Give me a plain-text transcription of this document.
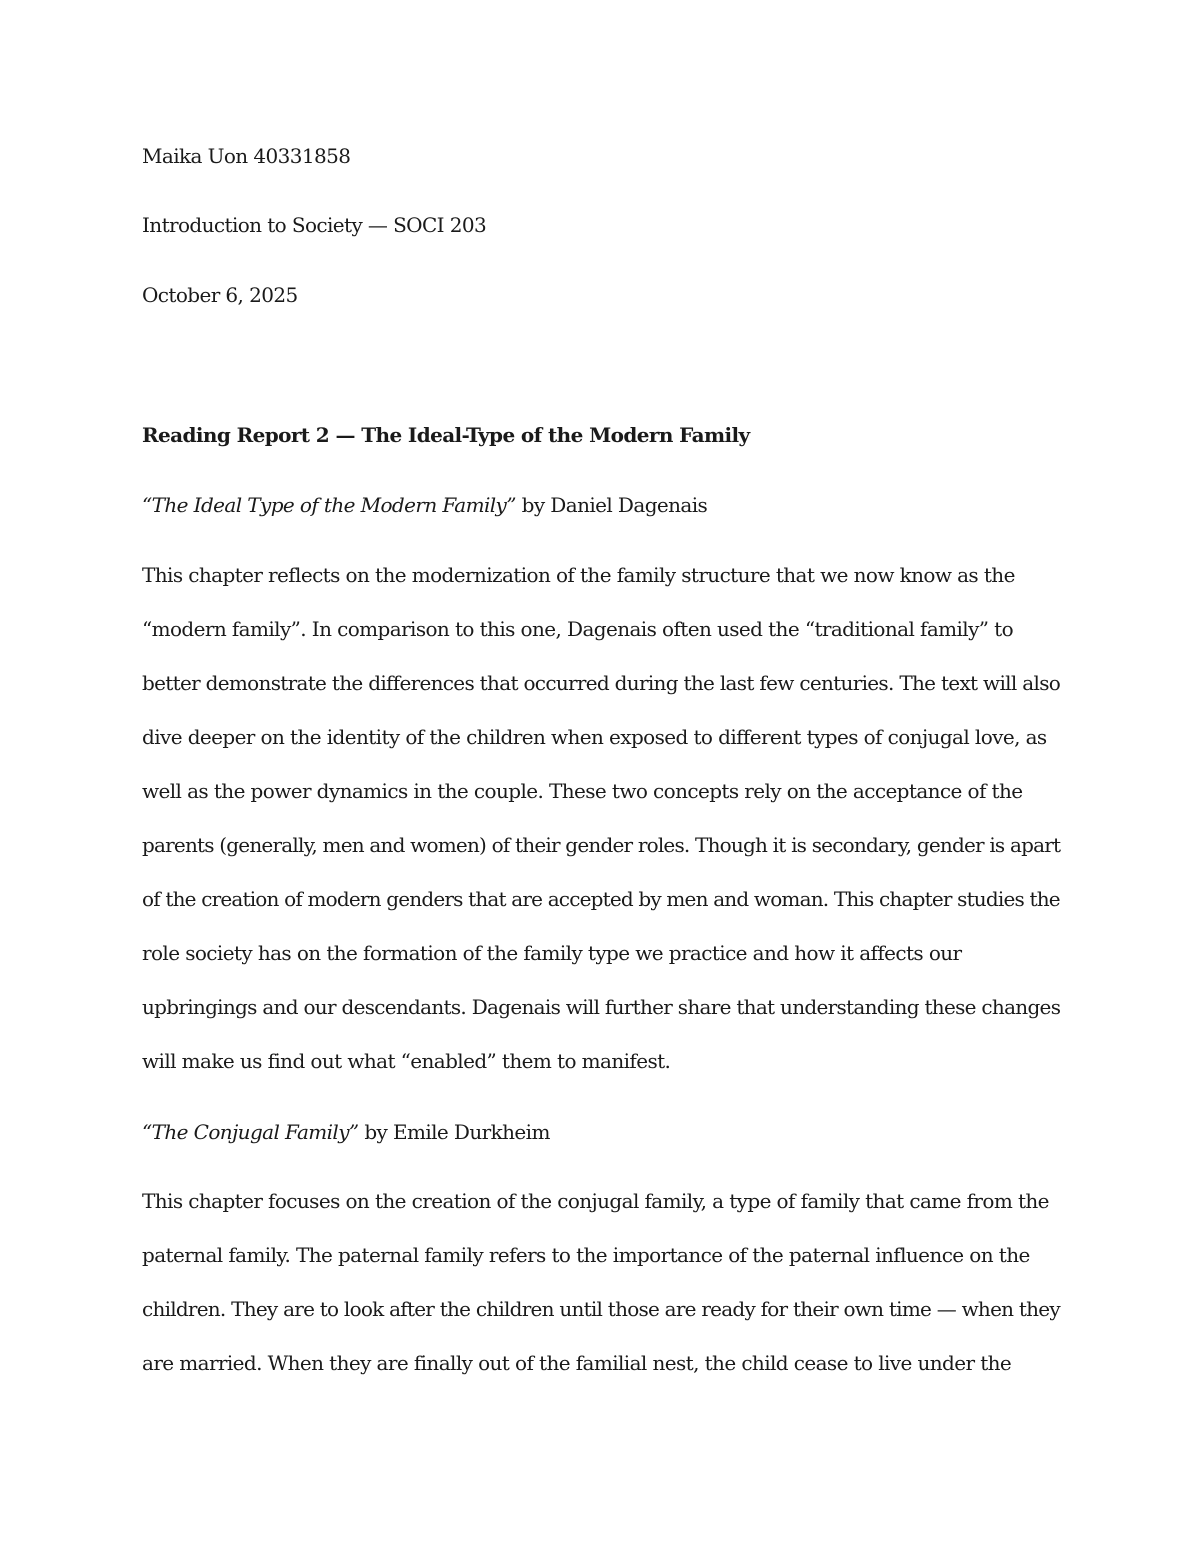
Maika Uon 40331858
Introduction to Society — SOCI 203
October 6, 2025
Reading Report 2 — The Ideal-Type of the Modern Family
“The Ideal Type of the Modern Family” by Daniel Dagenais
This chapter reflects on the modernization of the family structure that we now know as the
“modern family”. In comparison to this one, Dagenais often used the “traditional family” to
better demonstrate the differences that occurred during the last few centuries. The text will also
dive deeper on the identity of the children when exposed to different types of conjugal love, as
well as the power dynamics in the couple. These two concepts rely on the acceptance of the
parents (generally, men and women) of their gender roles. Though it is secondary, gender is apart
of the creation of modern genders that are accepted by men and woman. This chapter studies the
role society has on the formation of the family type we practice and how it affects our
upbringings and our descendants. Dagenais will further share that understanding these changes
will make us find out what “enabled” them to manifest.
“The Conjugal Family” by Emile Durkheim
This chapter focuses on the creation of the conjugal family, a type of family that came from the
paternal family. The paternal family refers to the importance of the paternal influence on the
children. They are to look after the children until those are ready for their own time — when they
are married. When they are finally out of the familial nest, the child cease to live under the
